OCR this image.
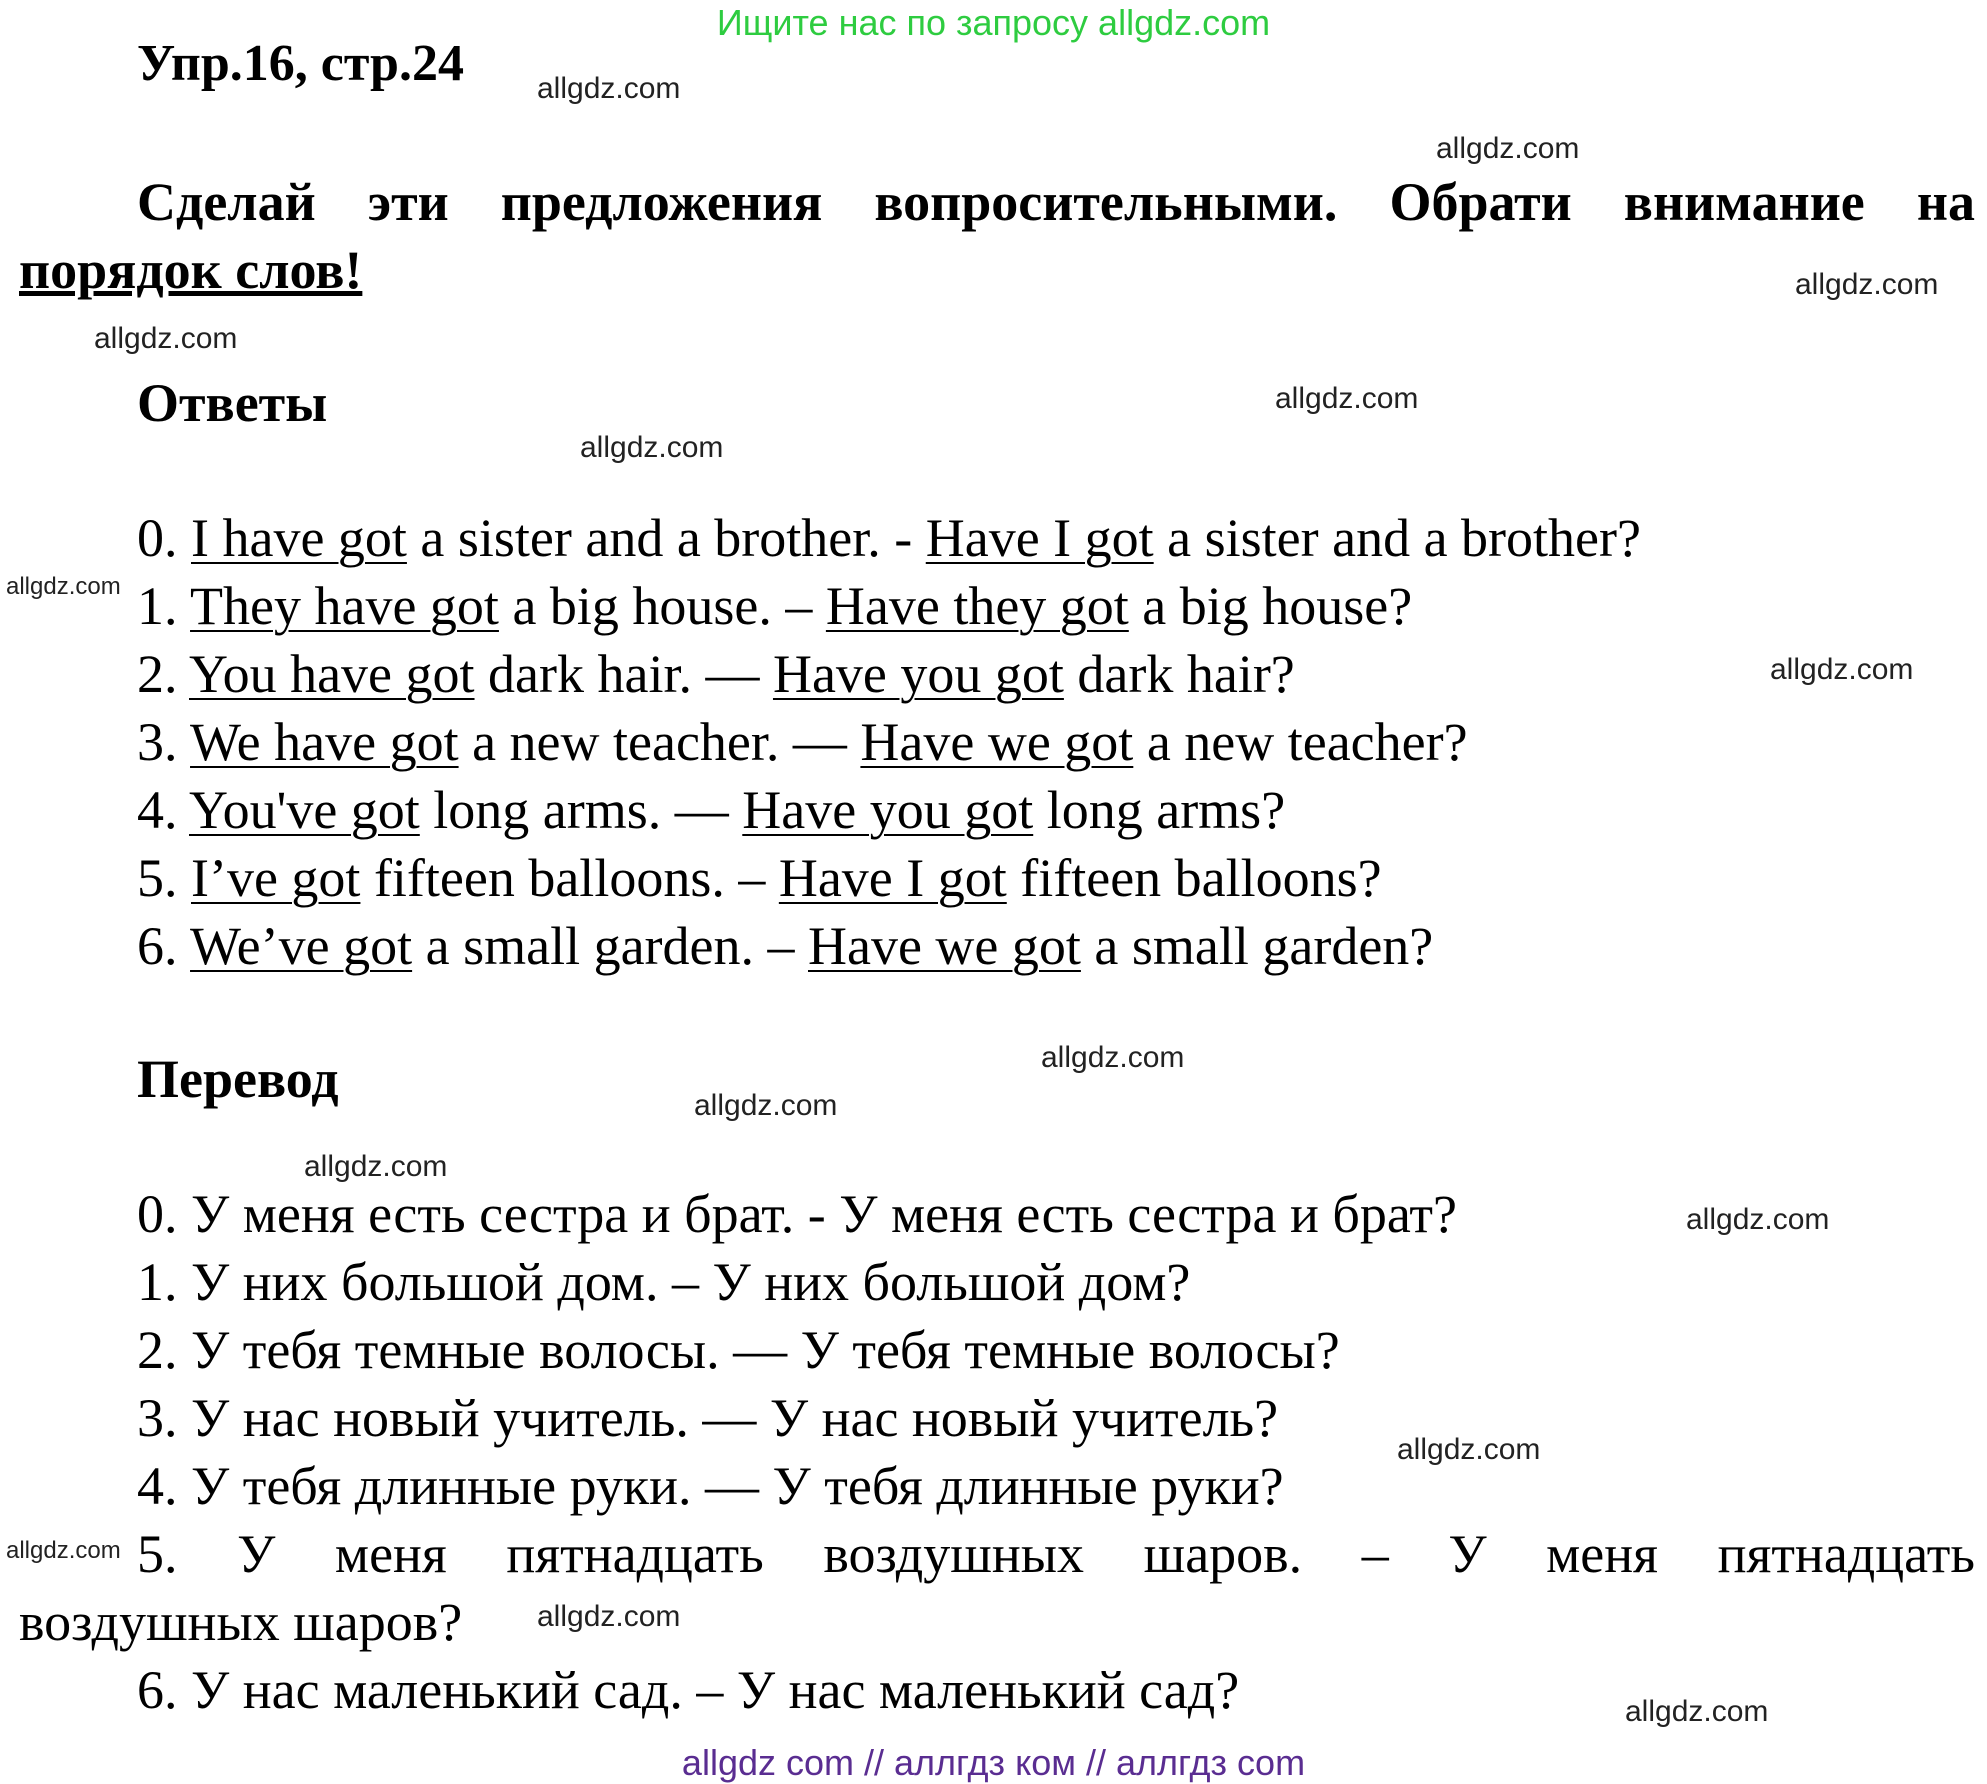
Ищите нас по запросу allgdz.com
Упр.16, стр.24
Сделай эти предложения вопросительными. Обрати внимание на
порядок слов!
Ответы
0. I have got a sister and a brother. - Have I got a sister and a brother?
1. They have got a big house. – Have they got a big house?
2. You have got dark hair. — Have you got dark hair?
3. We have got a new teacher. — Have we got a new teacher?
4. You've got long arms. — Have you got long arms?
5. I’ve got fifteen balloons. – Have I got fifteen balloons?
6. We’ve got a small garden. – Have we got a small garden?
Перевод
0. У меня есть сестра и брат. - У меня есть сестра и брат?
1. У них большой дом. – У них большой дом?
2. У тебя темные волосы. — У тебя темные волосы?
3. У нас новый учитель. — У нас новый учитель?
4. У тебя длинные руки. — У тебя длинные руки?
5. У меня пятнадцать воздушных шаров. – У меня пятнадцать
воздушных шаров?
6. У нас маленький сад. – У нас маленький сад?
allgdz.com
allgdz.com
allgdz.com
allgdz.com
allgdz.com
allgdz.com
allgdz.com
allgdz.com
allgdz.com
allgdz.com
allgdz.com
allgdz.com
allgdz.com
allgdz.com
allgdz.com
allgdz.com
allgdz com // аллгдз ком // аллгдз com
